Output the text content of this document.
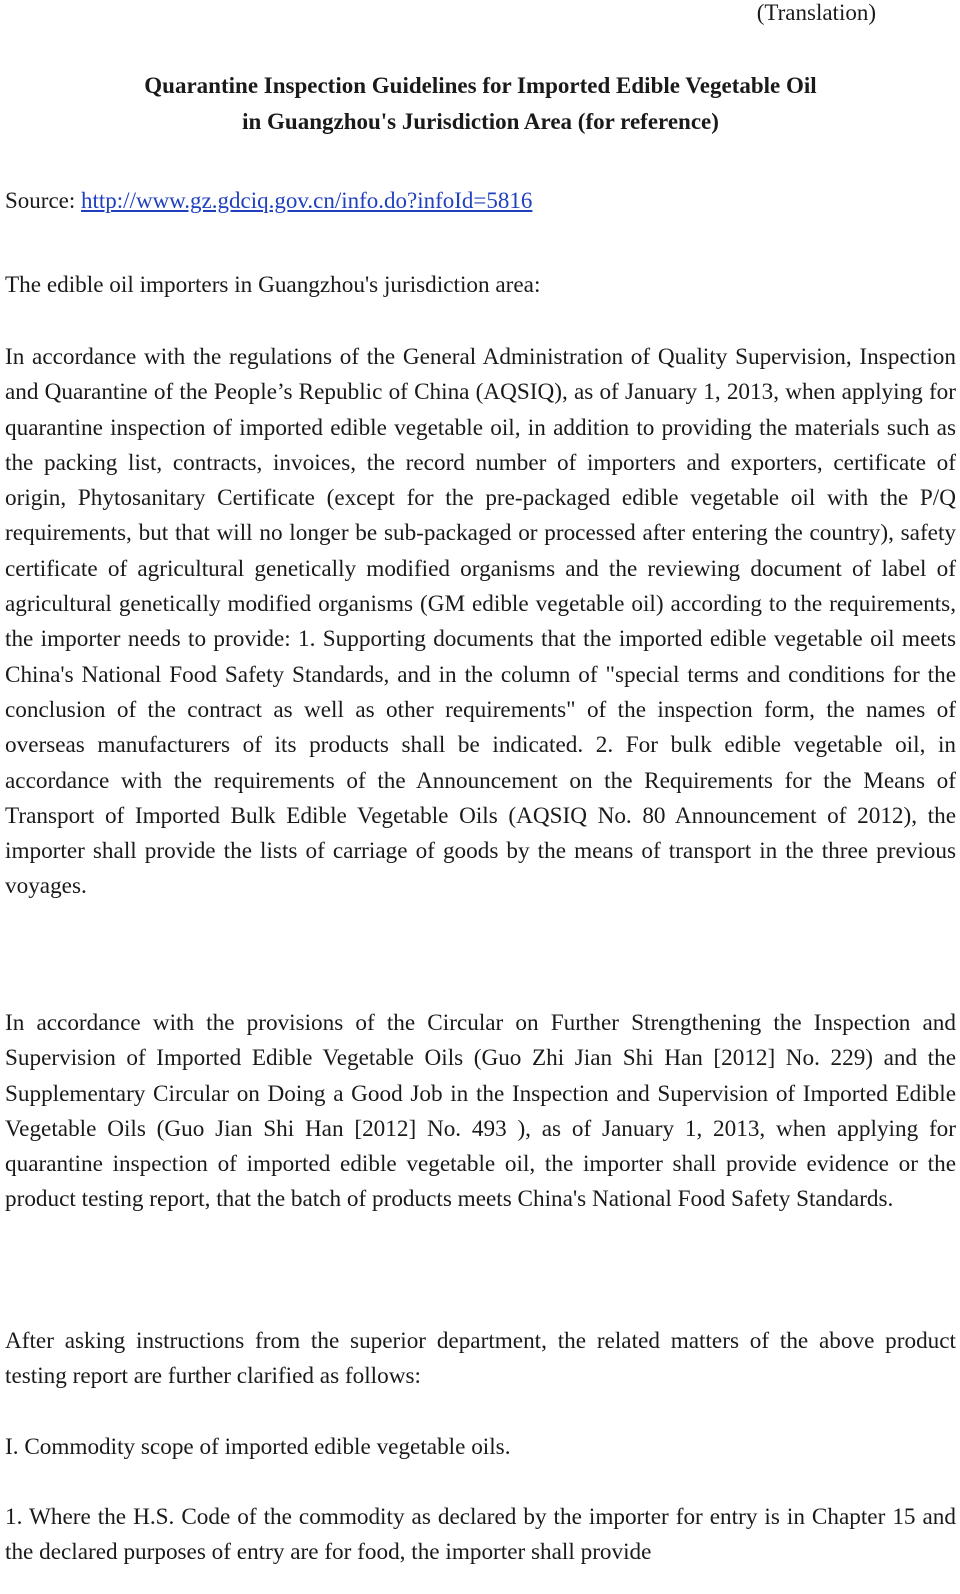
(Translation)

Quarantine Inspection Guidelines for Imported Edible Vegetable Oil
in Guangzhou's Jurisdiction Area (for reference)

Source: http://www.gz.gdciq.gov.cn/info.do?infoId=5816

The edible oil importers in Guangzhou's jurisdiction area:

In accordance with the regulations of the General Administration of Quality Supervision, Inspection and Quarantine of the People’s Republic of China (AQSIQ), as of January 1, 2013, when applying for quarantine inspection of imported edible vegetable oil, in addition to providing the materials such as the packing list, contracts, invoices, the record number of importers and exporters, certificate of origin, Phytosanitary Certificate (except for the pre-packaged edible vegetable oil with the P/Q requirements, but that will no longer be sub-packaged or processed after entering the country), safety certificate of agricultural genetically modified organisms and the reviewing document of label of agricultural genetically modified organisms (GM edible vegetable oil) according to the requirements, the importer needs to provide: 1. Supporting documents that the imported edible vegetable oil meets China's National Food Safety Standards, and in the column of "special terms and conditions for the conclusion of the contract as well as other requirements" of the inspection form, the names of overseas manufacturers of its products shall be indicated. 2. For bulk edible vegetable oil, in accordance with the requirements of the Announcement on the Requirements for the Means of Transport of Imported Bulk Edible Vegetable Oils (AQSIQ No. 80 Announcement of 2012), the importer shall provide the lists of carriage of goods by the means of transport in the three previous voyages.

In accordance with the provisions of the Circular on Further Strengthening the Inspection and Supervision of Imported Edible Vegetable Oils (Guo Zhi Jian Shi Han [2012] No. 229) and the Supplementary Circular on Doing a Good Job in the Inspection and Supervision of Imported Edible Vegetable Oils (Guo Jian Shi Han [2012] No. 493 ), as of January 1, 2013, when applying for quarantine inspection of imported edible vegetable oil, the importer shall provide evidence or the product testing report, that the batch of products meets China's National Food Safety Standards.

After asking instructions from the superior department, the related matters of the above product testing report are further clarified as follows:

I. Commodity scope of imported edible vegetable oils.

1. Where the H.S. Code of the commodity as declared by the importer for entry is in Chapter 15 and the declared purposes of entry are for food, the importer shall provide
